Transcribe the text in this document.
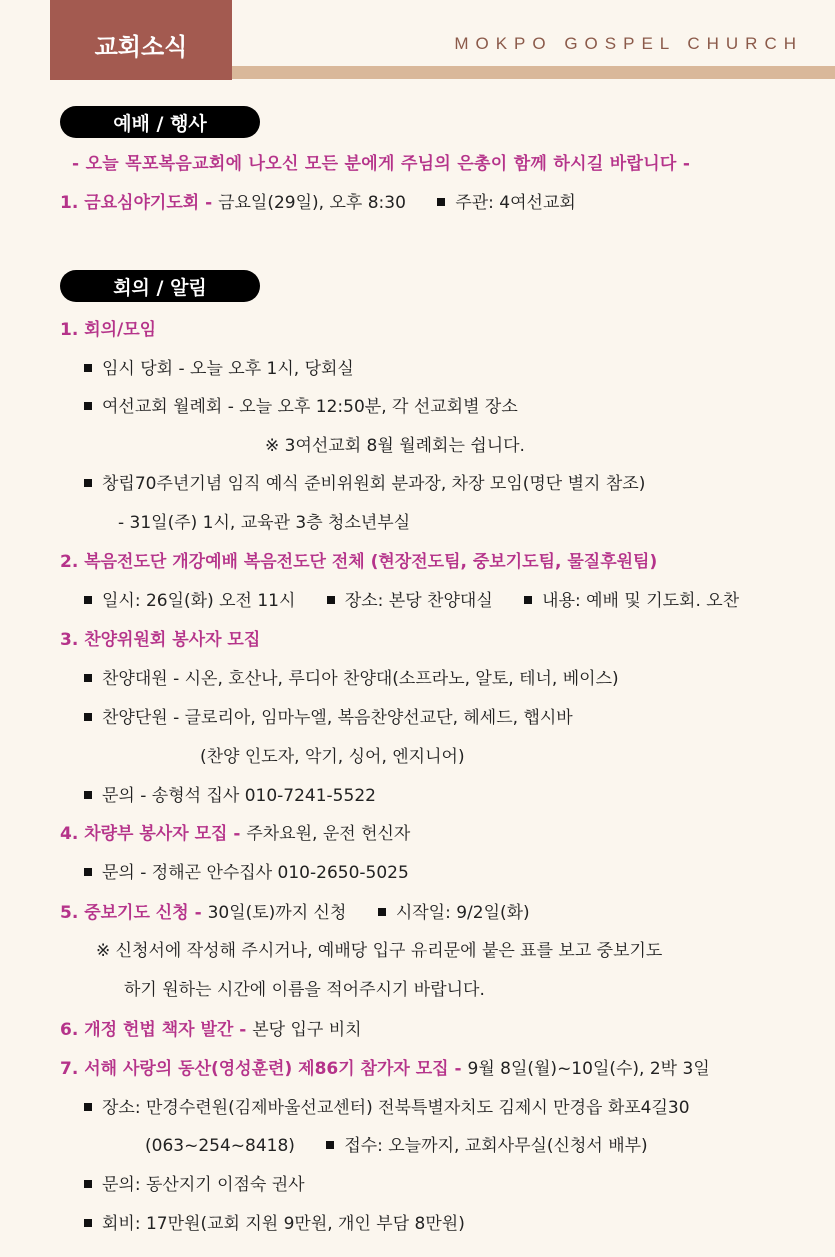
교회소식	MOKPO GOSPEL CHURCH
예배 / 행사
- 오늘 목포복음교회에 나오신 모든 분에게 주님의 은총이 함께 하시길 바랍니다 -
1. 금요심야기도회 - 금요일(29일), 오후 8:30	주관: 4여선교회
회의 / 알림
1. 회의/모임
임시 당회 - 오늘 오후 1시, 당회실
여선교회 월례회 - 오늘 오후 12:50분, 각 선교회별 장소
※ 3여선교회 8월 월례회는 쉽니다.
창립70주년기념 임직 예식 준비위원회 분과장, 차장 모임(명단 별지 참조)
- 31일(주) 1시, 교육관 3층 청소년부실
2. 복음전도단 개강예배 복음전도단 전체 (현장전도팀, 중보기도팀, 물질후원팀)
일시: 26일(화) 오전 11시	장소: 본당 찬양대실	내용: 예배 및 기도회. 오찬
3. 찬양위원회 봉사자 모집
찬양대원 - 시온, 호산나, 루디아 찬양대(소프라노, 알토, 테너, 베이스)
찬양단원 - 글로리아, 임마누엘, 복음찬양선교단, 헤세드, 햅시바
(찬양 인도자, 악기, 싱어, 엔지니어)
문의 - 송형석 집사 010-7241-5522
4. 차량부 봉사자 모집 - 주차요원, 운전 헌신자
문의 - 정해곤 안수집사 010-2650-5025
5. 중보기도 신청 - 30일(토)까지 신청	시작일: 9/2일(화)
※ 신청서에 작성해 주시거나, 예배당 입구 유리문에 붙은 표를 보고 중보기도
하기 원하는 시간에 이름을 적어주시기 바랍니다.
6. 개정 헌법 책자 발간 - 본당 입구 비치
7. 서해 사랑의 동산(영성훈련) 제86기 참가자 모집 - 9월 8일(월)~10일(수), 2박 3일
장소: 만경수련원(김제바울선교센터) 전북특별자치도 김제시 만경읍 화포4길30
(063~254~8418)	접수: 오늘까지, 교회사무실(신청서 배부)
문의: 동산지기 이점숙 권사
회비: 17만원(교회 지원 9만원, 개인 부담 8만원)
